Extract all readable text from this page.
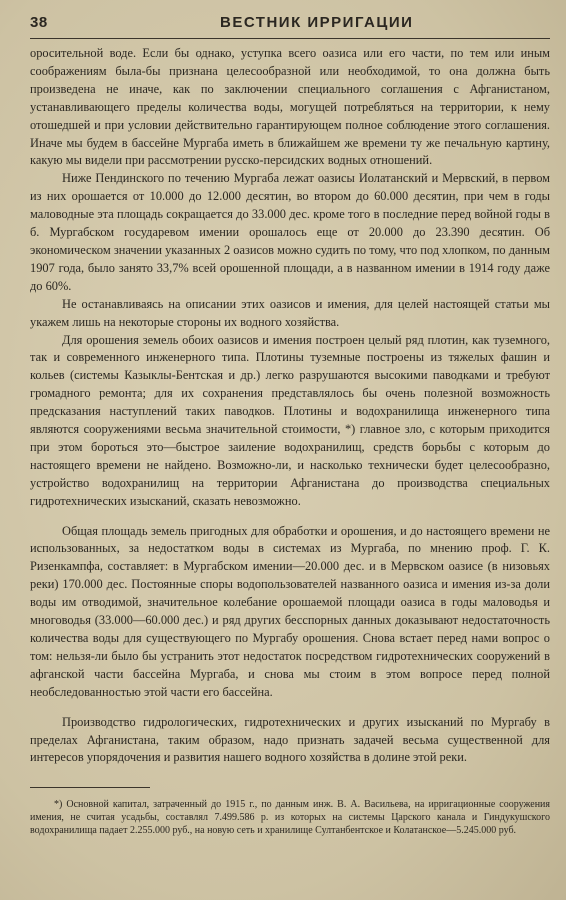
38	ВЕСТНИК ИРРИГАЦИИ

оросительной воде. Если бы однако, уступка всего оазиса или его части, по тем или иным соображениям была-бы признана целесообразной или необходимой, то она должна быть произведена не иначе, как по заключении специального соглашения с Афганистаном, устанавливающего пределы количества воды, могущей потребляться на территории, к нему отошедшей и при условии действительно гарантирующем полное соблюдение этого соглашения. Иначе мы будем в бассейне Мургаба иметь в ближайшем же времени ту же печальную картину, какую мы видели при рассмотрении русско-персидских водных отношений.

Ниже Пендинского по течению Мургаба лежат оазисы Иолатанский и Мервский, в первом из них орошается от 10.000 до 12.000 десятин, во втором до 60.000 десятин, при чем в годы маловодные эта площадь сокращается до 33.000 дес. кроме того в последние перед войной годы в б. Мургабском государевом имении орошалось еще от 20.000 до 23.390 десятин. Об экономическом значении указанных 2 оазисов можно судить по тому, что под хлопком, по данным 1907 года, было занято 33,7% всей орошенной площади, а в названном имении в 1914 году даже до 60%.

Не останавливаясь на описании этих оазисов и имения, для целей настоящей статьи мы укажем лишь на некоторые стороны их водного хозяйства.

Для орошения земель обоих оазисов и имения построен целый ряд плотин, как туземного, так и современного инженерного типа. Плотины туземные построены из тяжелых фашин и кольев (системы Казыклы-Бентская и др.) легко разрушаются высокими паводками и требуют громадного ремонта; для их сохранения представлялось бы очень полезной возможность предсказания наступлений таких паводков. Плотины и водохранилища инженерного типа являются сооружениями весьма значительной стоимости, *) главное зло, с которым приходится при этом бороться это—быстрое заиление водохранилищ, средств борьбы с которым до настоящего времени не найдено. Возможно-ли, и насколько технически будет целесообразно, устройство водохранилищ на территории Афганистана до производства специальных гидротехнических изысканий, сказать невозможно.

Общая площадь земель пригодных для обработки и орошения, и до настоящего времени не использованных, за недостатком воды в системах из Мургаба, по мнению проф. Г. К. Ризенкампфа, составляет: в Мургабском имении—20.000 дес. и в Мервском оазисе (в низовьях реки) 170.000 дес. Постоянные споры водопользователей названного оазиса и имения из-за доли воды им отводимой, значительное колебание орошаемой площади оазиса в годы маловодья и многоводья (33.000—60.000 дес.) и ряд других бесспорных данных доказывают недостаточность количества воды для существующего по Мургабу орошения. Снова встает перед нами вопрос о том: нельзя-ли было бы устранить этот недостаток посредством гидротехнических сооружений в афганской части бассейна Мургаба, и снова мы стоим в этом вопросе перед полной необследованностью этой части его бассейна.

Производство гидрологических, гидротехнических и других изысканий по Мургабу в пределах Афганистана, таким образом, надо признать задачей весьма существенной для интересов упорядочения и развития нашего водного хозяйства в долине этой реки.

*) Основной капитал, затраченный до 1915 г., по данным инж. В. А. Васильева, на ирригационные сооружения имения, не считая усадьбы, составлял 7.499.586 р. из которых на системы Царского канала и Гиндукушского водохранилища падает 2.255.000 руб., на новую сеть и хранилище Султанбентское и Колатанское—5.245.000 руб.
